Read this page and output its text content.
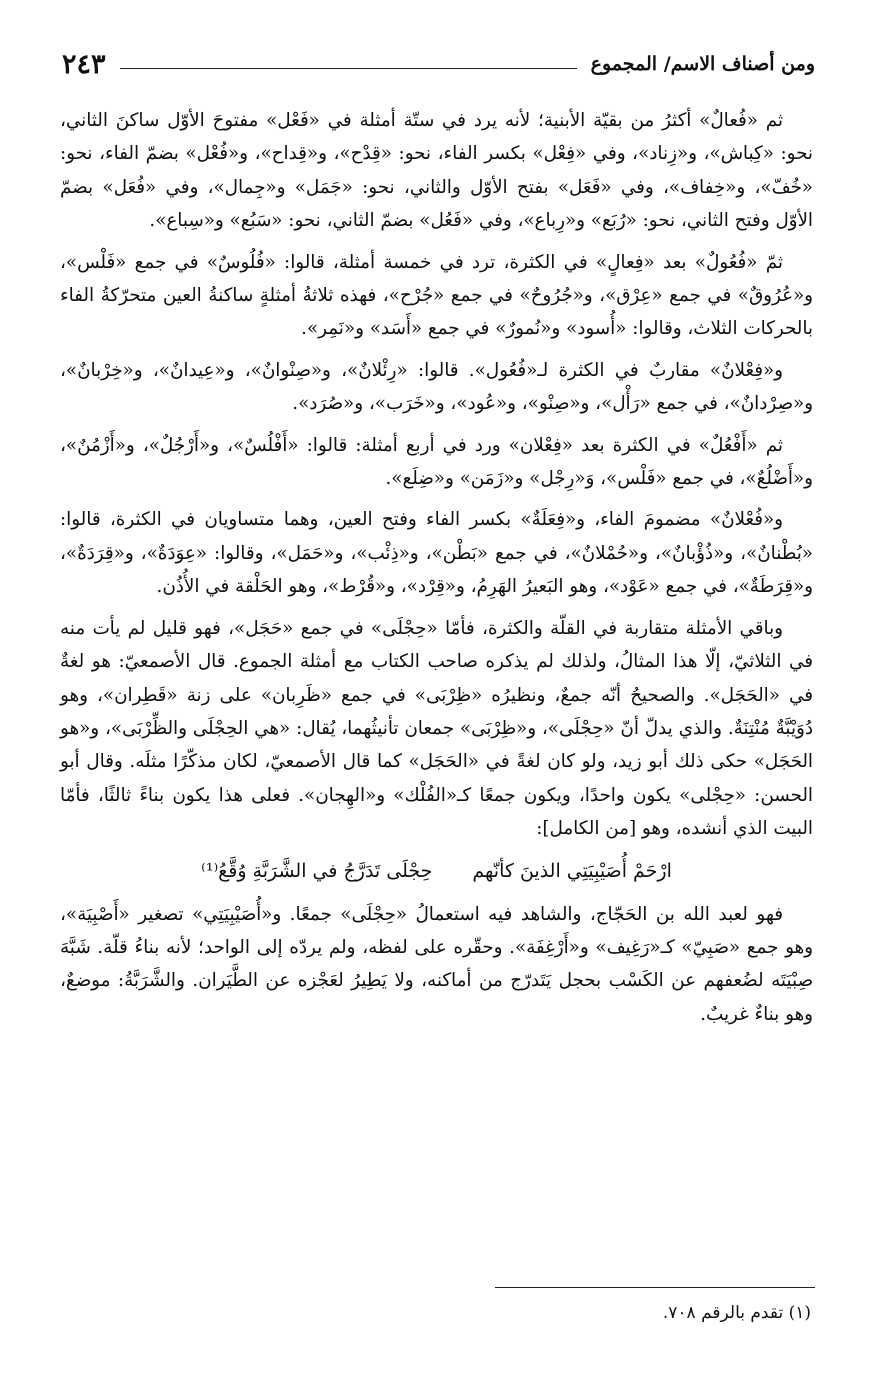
٢٤٣	ومن أصناف الاسم/ المجموع

ثم «فُعالٌ» أكثرُ من بقيّة الأبنية؛ لأنه يرد في ستّة أمثلة في «فَعْل» مفتوحَ الأوّل ساكنَ الثاني، نحو: «كِباش»، و«زِناد»، وفي «فِعْل» بكسر الفاء، نحو: «قِدْح»، و«قِداح»، و«فُعْل» بضمّ الفاء، نحو: «خُفّ»، و«خِفاف»، وفي «فَعَل» بفتح الأوّل والثاني، نحو: «جَمَل» و«جِمال»، وفي «فُعَل» بضمّ الأوّل وفتح الثاني، نحو: «رُبَع» و«رِباع»، وفي «فَعُل» بضمّ الثاني، نحو: «سَبُع» و«سِباع».

ثمّ «فُعُولٌ» بعد «فِعالٍ» في الكثرة، ترد في خمسة أمثلة، قالوا: «فُلُوسٌ» في جمع «فَلْس»، و«عُرُوقٌ» في جمع «عِرْق»، و«جُرُوحٌ» في جمع «جُرْح»، فهذه ثلاثةُ أمثلةٍ ساكنةُ العين متحرّكةُ الفاء بالحركات الثلاث، وقالوا: «أُسود» و«نُمورٌ» في جمع «أَسَد» و«نَمِر».

و«فِعْلانٌ» مقاربٌ في الكثرة لـ«فُعُول». قالوا: «رِئْلانٌ»، و«صِنْوانٌ»، و«عِيدانٌ»، و«خِرْبانٌ»، و«صِرْدانٌ»، في جمع «رَأْل»، و«صِنْو»، و«عُود»، و«خَرَب»، و«صُرَد».

ثم «أَفْعُلٌ» في الكثرة بعد «فِعْلان» ورد في أربع أمثلة: قالوا: «أَفْلُسٌ»، و«أَرْجُلٌ»، و«أَزْمُنٌ»، و«أَضْلُعٌ»، في جمع «فَلْس»، وَ«رِجْل» و«زَمَن» و«ضِلَع».

و«فُعْلانٌ» مضمومَ الفاء، و«فِعَلَةٌ» بكسر الفاء وفتح العين، وهما متساويان في الكثرة، قالوا: «بُطْنانٌ»، و«ذُؤْبانٌ»، و«حُمْلانٌ»، في جمع «بَطْن»، و«ذِئْب»، و«حَمَل»، وقالوا: «عِوَدَةٌ»، و«قِرَدَةٌ»، و«قِرَطَةٌ»، في جمع «عَوْد»، وهو البَعيرُ الهَرِمُ، و«قِرْد»، و«قُرْط»، وهو الحَلْقة في الأُذُن.

وباقي الأمثلة متقاربة في القلّة والكثرة، فأمّا «حِجْلَى» في جمع «حَجَل»، فهو قليل لم يأت منه في الثلاثيّ، إلّا هذا المثالُ، ولذلك لم يذكره صاحب الكتاب مع أمثلة الجموع. قال الأصمعيّ: هو لغةٌ في «الحَجَل». والصحيحُ أنّه جمعٌ، ونظيرُه «ظِرْبَى» في جمع «ظَرِبان» على زنة «قَطِران»، وهو دُوَيْبَّةٌ مُنْتِنَةٌ. والذي يدلّ أنّ «حِجْلَى»، و«ظِرْبَى» جمعان تأنيثُهما، يُقال: «هي الحِجْلَى والظِّرْبَى»، و«هو الحَجَل» حكى ذلك أبو زيد، ولو كان لغةً في «الحَجَل» كما قال الأصمعيّ، لكان مذكّرًا مثلَه. وقال أبو الحسن: «حِجْلى» يكون واحدًا، ويكون جمعًا كـ«الفُلْك» و«الهِجان». فعلى هذا يكون بناءً ثالثًا، فأمّا البيت الذي أنشده، وهو [من الكامل]:

ارْحَمْ أُصَيْبِيَتِي الذينَ كأنّهم
حِجْلَى تَدَرَّجُ في الشَّرَبَّةِ وُقَّعُ⁽¹⁾

فهو لعبد الله بن الحَجّاج، والشاهد فيه استعمالُ «حِجْلَى» جمعًا. و«أُصَيْبِيَتِي» تصغير «أَصْبِيَة»، وهو جمع «صَبِيّ» كـ«رَغِيف» و«أَرْغِفَة». وحقّره على لفظه، ولم يردّه إلى الواحد؛ لأنه بناءُ قلّة. شَبَّهَ صِبْيَتَه لضُعفهم عن الكَسْب بحجل يَتَدرّج من أماكنه، ولا يَطِيرُ لعَجْزه عن الطَّيَران. والشَّرَبَّةُ: موضعٌ، وهو بناءٌ غريبٌ.

(١) تقدم بالرقم ٧٠٨.
